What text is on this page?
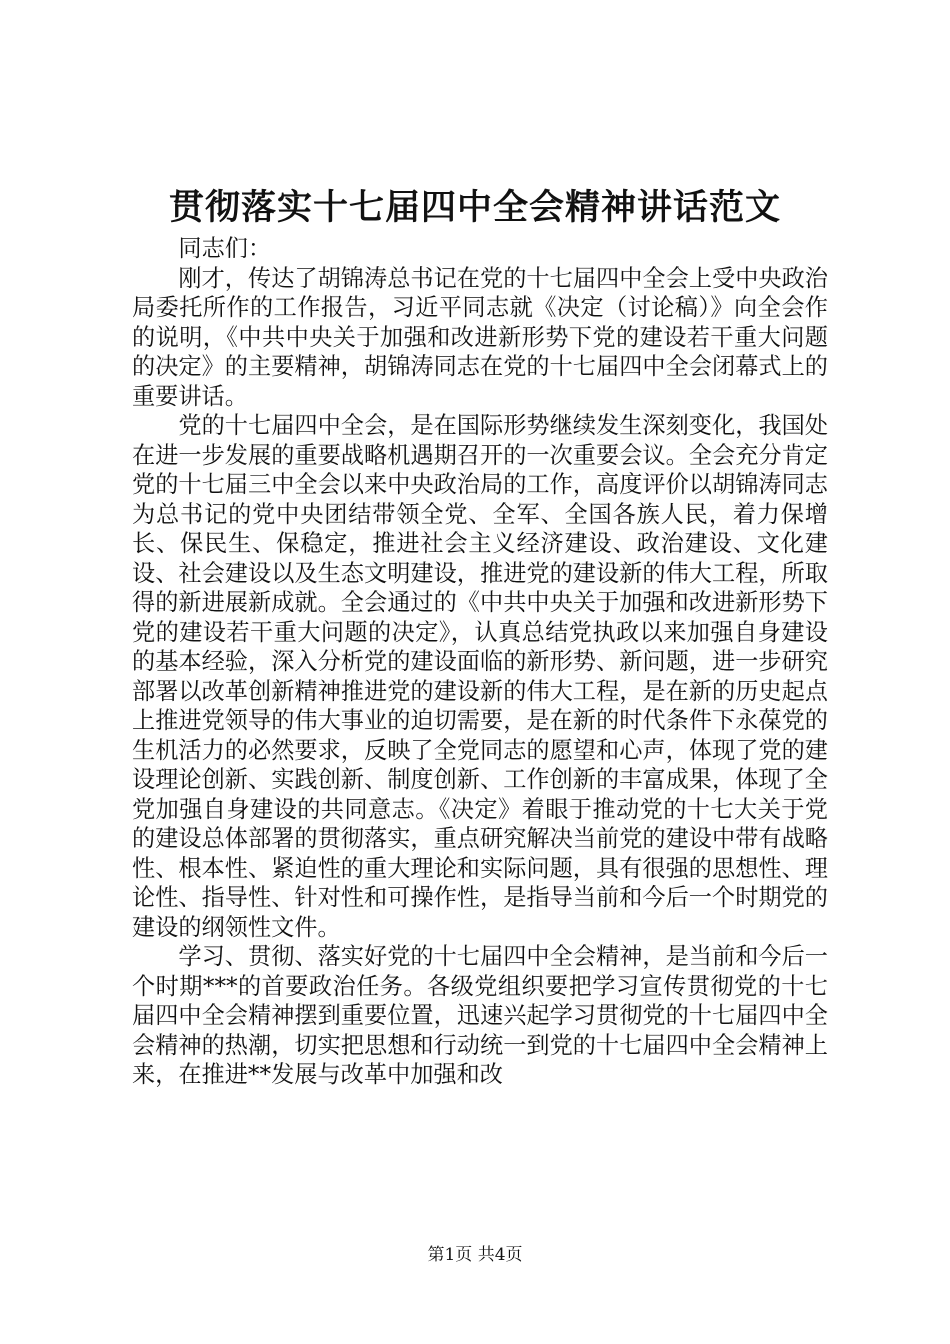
贯彻落实十七届四中全会精神讲话范文

同志们：

刚才，传达了胡锦涛总书记在党的十七届四中全会上受中央政治局委托所作的工作报告，习近平同志就《决定（讨论稿）》向全会作的说明，《中共中央关于加强和改进新形势下党的建设若干重大问题的决定》的主要精神，胡锦涛同志在党的十七届四中全会闭幕式上的重要讲话。

党的十七届四中全会，是在国际形势继续发生深刻变化，我国处在进一步发展的重要战略机遇期召开的一次重要会议。全会充分肯定党的十七届三中全会以来中央政治局的工作，高度评价以胡锦涛同志为总书记的党中央团结带领全党、全军、全国各族人民，着力保增长、保民生、保稳定，推进社会主义经济建设、政治建设、文化建设、社会建设以及生态文明建设，推进党的建设新的伟大工程，所取得的新进展新成就。全会通过的《中共中央关于加强和改进新形势下党的建设若干重大问题的决定》，认真总结党执政以来加强自身建设的基本经验，深入分析党的建设面临的新形势、新问题，进一步研究部署以改革创新精神推进党的建设新的伟大工程，是在新的历史起点上推进党领导的伟大事业的迫切需要，是在新的时代条件下永葆党的生机活力的必然要求，反映了全党同志的愿望和心声，体现了党的建设理论创新、实践创新、制度创新、工作创新的丰富成果，体现了全党加强自身建设的共同意志。《决定》着眼于推动党的十七大关于党的建设总体部署的贯彻落实，重点研究解决当前党的建设中带有战略性、根本性、紧迫性的重大理论和实际问题，具有很强的思想性、理论性、指导性、针对性和可操作性，是指导当前和今后一个时期党的建设的纲领性文件。

学习、贯彻、落实好党的十七届四中全会精神，是当前和今后一个时期***的首要政治任务。各级党组织要把学习宣传贯彻党的十七届四中全会精神摆到重要位置，迅速兴起学习贯彻党的十七届四中全会精神的热潮，切实把思想和行动统一到党的十七届四中全会精神上来，在推进**发展与改革中加强和改

第1页 共4页
